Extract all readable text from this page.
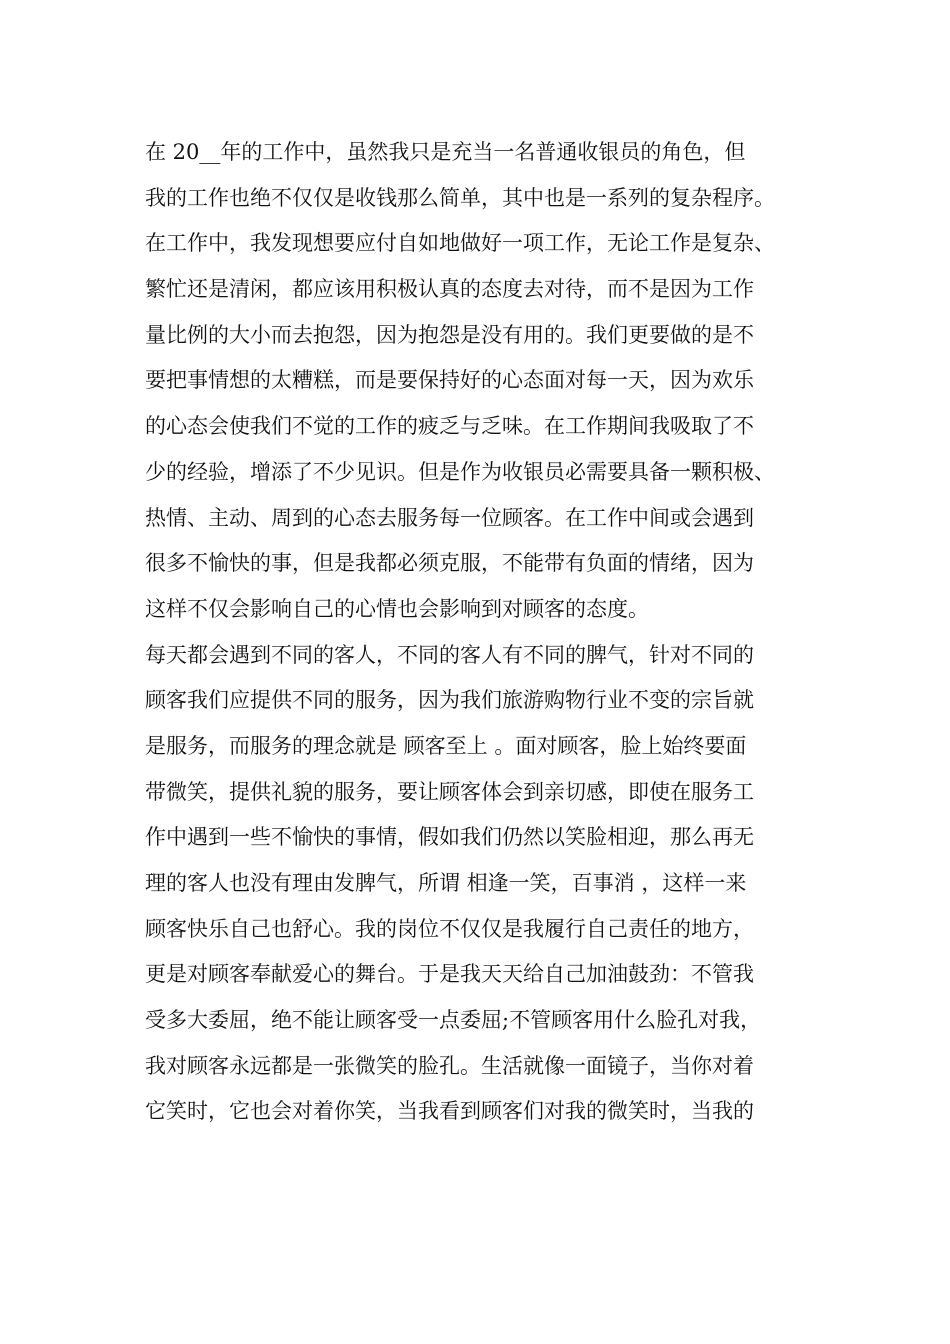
在 20__年的工作中，虽然我只是充当一名普通收银员的角色，但
我的工作也绝不仅仅是收钱那么简单，其中也是一系列的复杂程序。
在工作中，我发现想要应付自如地做好一项工作，无论工作是复杂、
繁忙还是清闲，都应该用积极认真的态度去对待，而不是因为工作
量比例的大小而去抱怨，因为抱怨是没有用的。我们更要做的是不
要把事情想的太糟糕，而是要保持好的心态面对每一天，因为欢乐
的心态会使我们不觉的工作的疲乏与乏味。在工作期间我吸取了不
少的经验，增添了不少见识。但是作为收银员必需要具备一颗积极、
热情、主动、周到的心态去服务每一位顾客。在工作中间或会遇到
很多不愉快的事，但是我都必须克服，不能带有负面的情绪，因为
这样不仅会影响自己的心情也会影响到对顾客的态度。
每天都会遇到不同的客人，不同的客人有不同的脾气，针对不同的
顾客我们应提供不同的服务，因为我们旅游购物行业不变的宗旨就
是服务，而服务的理念就是 顾客至上 。面对顾客，脸上始终要面
带微笑，提供礼貌的服务，要让顾客体会到亲切感，即使在服务工
作中遇到一些不愉快的事情，假如我们仍然以笑脸相迎，那么再无
理的客人也没有理由发脾气，所谓 相逢一笑，百事消 ，这样一来
顾客快乐自己也舒心。我的岗位不仅仅是我履行自己责任的地方，
更是对顾客奉献爱心的舞台。于是我天天给自己加油鼓劲：不管我
受多大委屈，绝不能让顾客受一点委屈;不管顾客用什么脸孔对我，
我对顾客永远都是一张微笑的脸孔。生活就像一面镜子，当你对着
它笑时，它也会对着你笑，当我看到顾客们对我的微笑时，当我的
